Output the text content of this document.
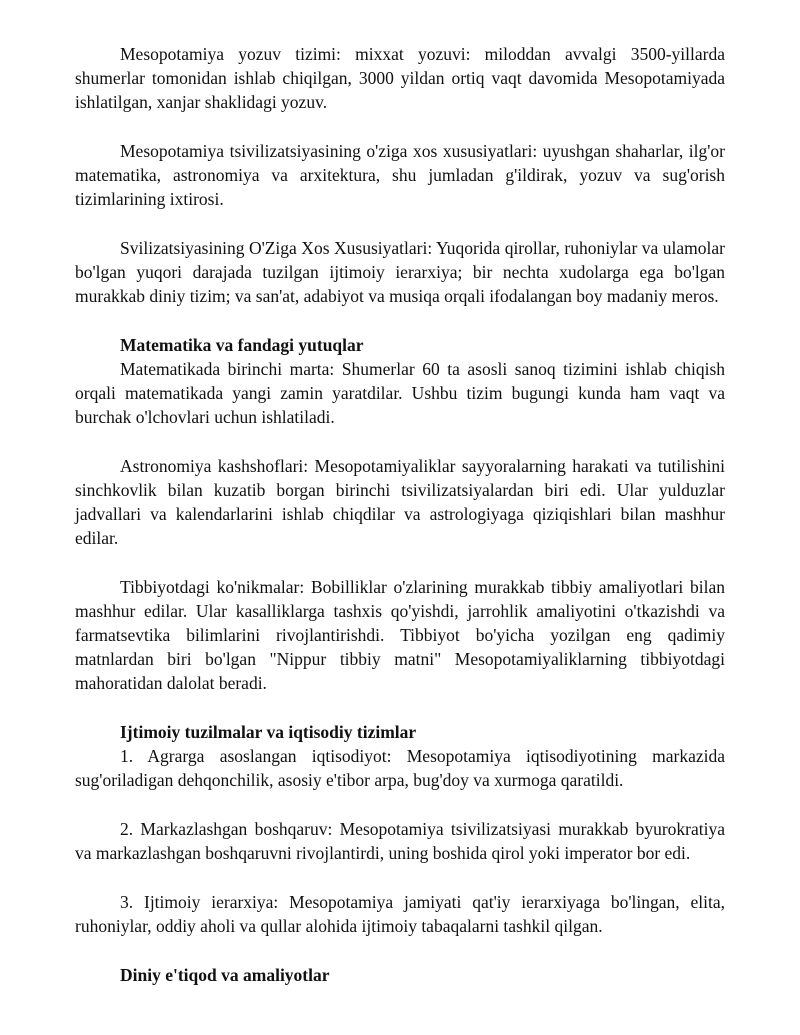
Mesopotamiya yozuv tizimi: mixxat yozuvi: miloddan avvalgi 3500-yillarda shumerlar tomonidan ishlab chiqilgan, 3000 yildan ortiq vaqt davomida Mesopotamiyada ishlatilgan, xanjar shaklidagi yozuv.

Mesopotamiya tsivilizatsiyasining o'ziga xos xususiyatlari: uyushgan shaharlar, ilg'or matematika, astronomiya va arxitektura, shu jumladan g'ildirak, yozuv va sug'orish tizimlarining ixtirosi.

Svilizatsiyasining O'Ziga Xos Xususiyatlari: Yuqorida qirollar, ruhoniylar va ulamolar bo'lgan yuqori darajada tuzilgan ijtimoiy ierarxiya; bir nechta xudolarga ega bo'lgan murakkab diniy tizim; va san'at, adabiyot va musiqa orqali ifodalangan boy madaniy meros.

Matematika va fandagi yutuqlar

Matematikada birinchi marta: Shumerlar 60 ta asosli sanoq tizimini ishlab chiqish orqali matematikada yangi zamin yaratdilar. Ushbu tizim bugungi kunda ham vaqt va burchak o'lchovlari uchun ishlatiladi.

Astronomiya kashshoflari: Mesopotamiyaliklar sayyoralarning harakati va tutilishini sinchkovlik bilan kuzatib borgan birinchi tsivilizatsiyalardan biri edi. Ular yulduzlar jadvallari va kalendarlarini ishlab chiqdilar va astrologiyaga qiziqishlari bilan mashhur edilar.

Tibbiyotdagi ko'nikmalar: Bobilliklar o'zlarining murakkab tibbiy amaliyotlari bilan mashhur edilar. Ular kasalliklarga tashxis qo'yishdi, jarrohlik amaliyotini o'tkazishdi va farmatsevtika bilimlarini rivojlantirishdi. Tibbiyot bo'yicha yozilgan eng qadimiy matnlardan biri bo'lgan "Nippur tibbiy matni" Mesopotamiyaliklarning tibbiyotdagi mahoratidan dalolat beradi.

Ijtimoiy tuzilmalar va iqtisodiy tizimlar

1. Agrarga asoslangan iqtisodiyot: Mesopotamiya iqtisodiyotining markazida sug'oriladigan dehqonchilik, asosiy e'tibor arpa, bug'doy va xurmoga qaratildi.

2. Markazlashgan boshqaruv: Mesopotamiya tsivilizatsiyasi murakkab byurokratiya va markazlashgan boshqaruvni rivojlantirdi, uning boshida qirol yoki imperator bor edi.

3. Ijtimoiy ierarxiya: Mesopotamiya jamiyati qat'iy ierarxiyaga bo'lingan, elita, ruhoniylar, oddiy aholi va qullar alohida ijtimoiy tabaqalarni tashkil qilgan.

Diniy e'tiqod va amaliyotlar
